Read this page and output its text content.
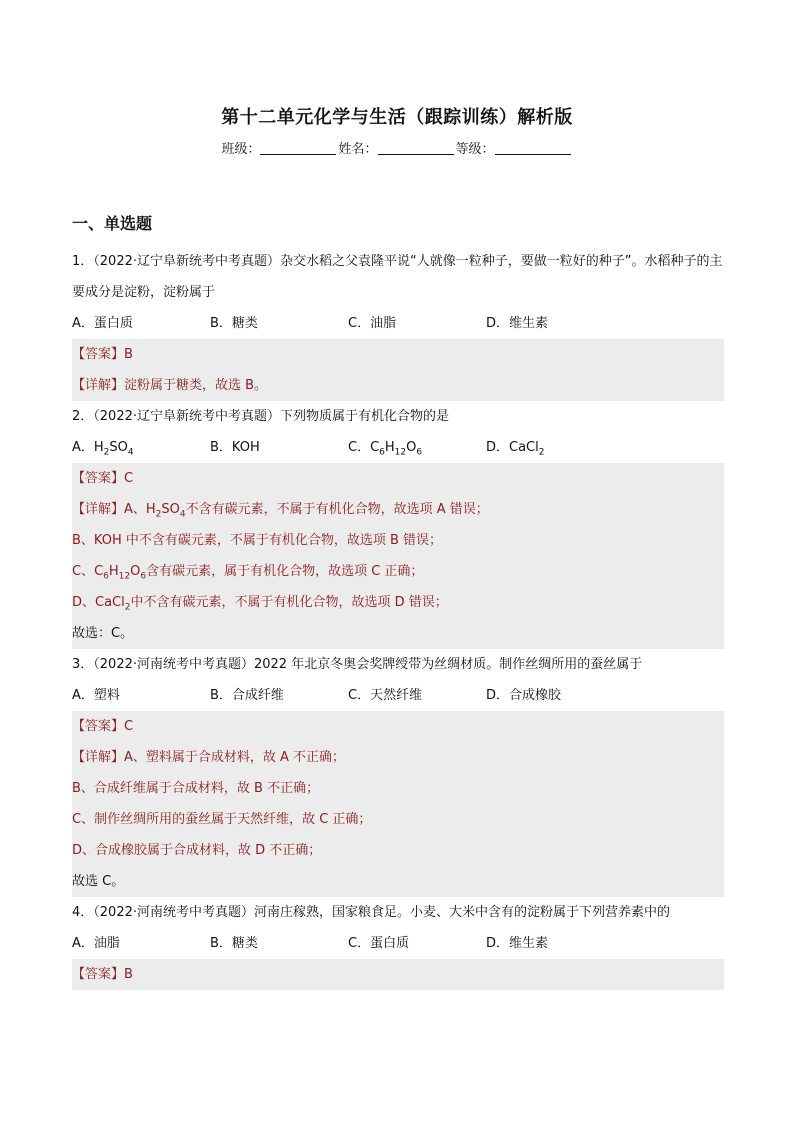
第十二单元化学与生活（跟踪训练）解析版
班级：	姓名：	等级：
一、单选题

1．（2022·辽宁阜新统考中考真题）杂交水稻之父袁隆平说“人就像一粒种子，要做一粒好的种子”。水稻种子的主要成分是淀粉，淀粉属于

A．蛋白质	B．糖类	C．油脂	D．维生素
【答案】B
【详解】淀粉属于糖类，故选 B。

2．（2022·辽宁阜新统考中考真题）下列物质属于有机化合物的是

A．$H_2SO_4$	B．KOH	C．$C_6H_{12}O_6$	D．CaCl$_2$
【答案】C
【详解】A、$H_2SO_4$不含有碳元素，不属于有机化合物，故选项 A 错误；
B、KOH 中不含有碳元素，不属于有机化合物，故选项 B 错误；
C、$C_6H_{12}O_6$含有碳元素，属于有机化合物，故选项 C 正确；
D、CaCl$_2$中不含有碳元素，不属于有机化合物，故选项 D 错误；
故选：C。

3．（2022·河南统考中考真题）2022 年北京冬奥会奖牌绶带为丝绸材质。制作丝绸所用的蚕丝属于

A．塑料	B．合成纤维	C．天然纤维	D．合成橡胶
【答案】C
【详解】A、塑料属于合成材料，故 A 不正确；
B、合成纤维属于合成材料，故 B 不正确；
C、制作丝绸所用的蚕丝属于天然纤维，故 C 正确；
D、合成橡胶属于合成材料，故 D 不正确；
故选 C。

4．（2022·河南统考中考真题）河南庄稼熟，国家粮食足。小麦、大米中含有的淀粉属于下列营养素中的

A．油脂	B．糖类	C．蛋白质	D．维生素
【答案】B
